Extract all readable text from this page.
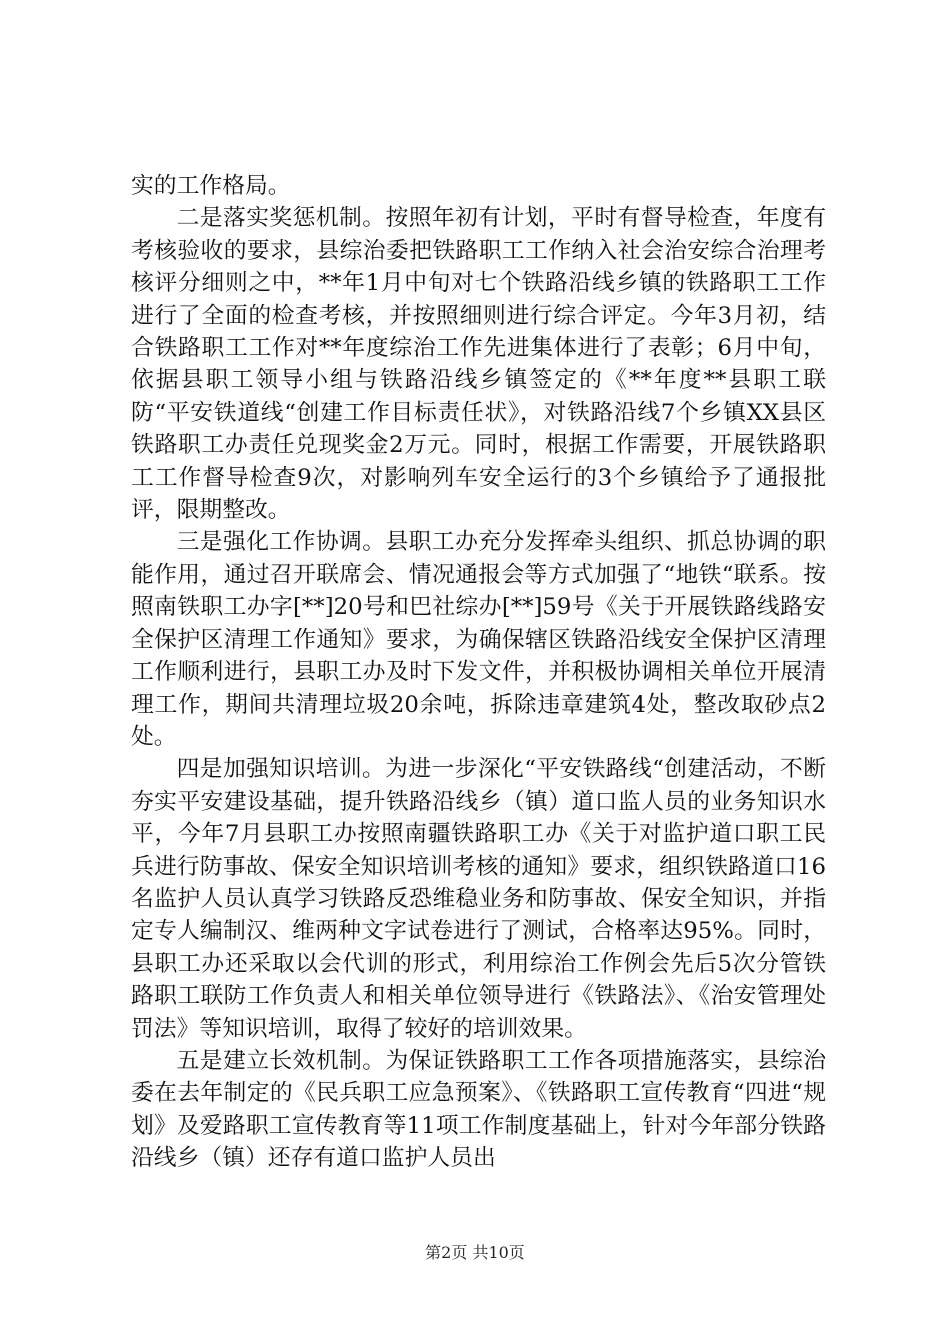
实的工作格局。

二是落实奖惩机制。按照年初有计划，平时有督导检查，年度有考核验收的要求，县综治委把铁路职工工作纳入社会治安综合治理考核评分细则之中，**年1月中旬对七个铁路沿线乡镇的铁路职工工作进行了全面的检查考核，并按照细则进行综合评定。今年3月初，结合铁路职工工作对**年度综治工作先进集体进行了表彰；6月中旬，依据县职工领导小组与铁路沿线乡镇签定的《**年度**县职工联防“平安铁道线“创建工作目标责任状》，对铁路沿线7个乡镇XX县区铁路职工办责任兑现奖金2万元。同时，根据工作需要，开展铁路职工工作督导检查9次，对影响列车安全运行的3个乡镇给予了通报批评，限期整改。

三是强化工作协调。县职工办充分发挥牵头组织、抓总协调的职能作用，通过召开联席会、情况通报会等方式加强了“地铁“联系。按照南铁职工办字[**]20号和巴社综办[**]59号《关于开展铁路线路安全保护区清理工作通知》要求，为确保辖区铁路沿线安全保护区清理工作顺利进行，县职工办及时下发文件，并积极协调相关单位开展清理工作，期间共清理垃圾20余吨，拆除违章建筑4处，整改取砂点2处。

四是加强知识培训。为进一步深化“平安铁路线“创建活动，不断夯实平安建设基础，提升铁路沿线乡（镇）道口监人员的业务知识水平，今年7月县职工办按照南疆铁路职工办《关于对监护道口职工民兵进行防事故、保安全知识培训考核的通知》要求，组织铁路道口16名监护人员认真学习铁路反恐维稳业务和防事故、保安全知识，并指定专人编制汉、维两种文字试卷进行了测试，合格率达95%。同时，县职工办还采取以会代训的形式，利用综治工作例会先后5次分管铁路职工联防工作负责人和相关单位领导进行《铁路法》、《治安管理处罚法》等知识培训，取得了较好的培训效果。

五是建立长效机制。为保证铁路职工工作各项措施落实，县综治委在去年制定的《民兵职工应急预案》、《铁路职工宣传教育“四进“规划》及爱路职工宣传教育等11项工作制度基础上，针对今年部分铁路沿线乡（镇）还存有道口监护人员出

第2页 共10页
